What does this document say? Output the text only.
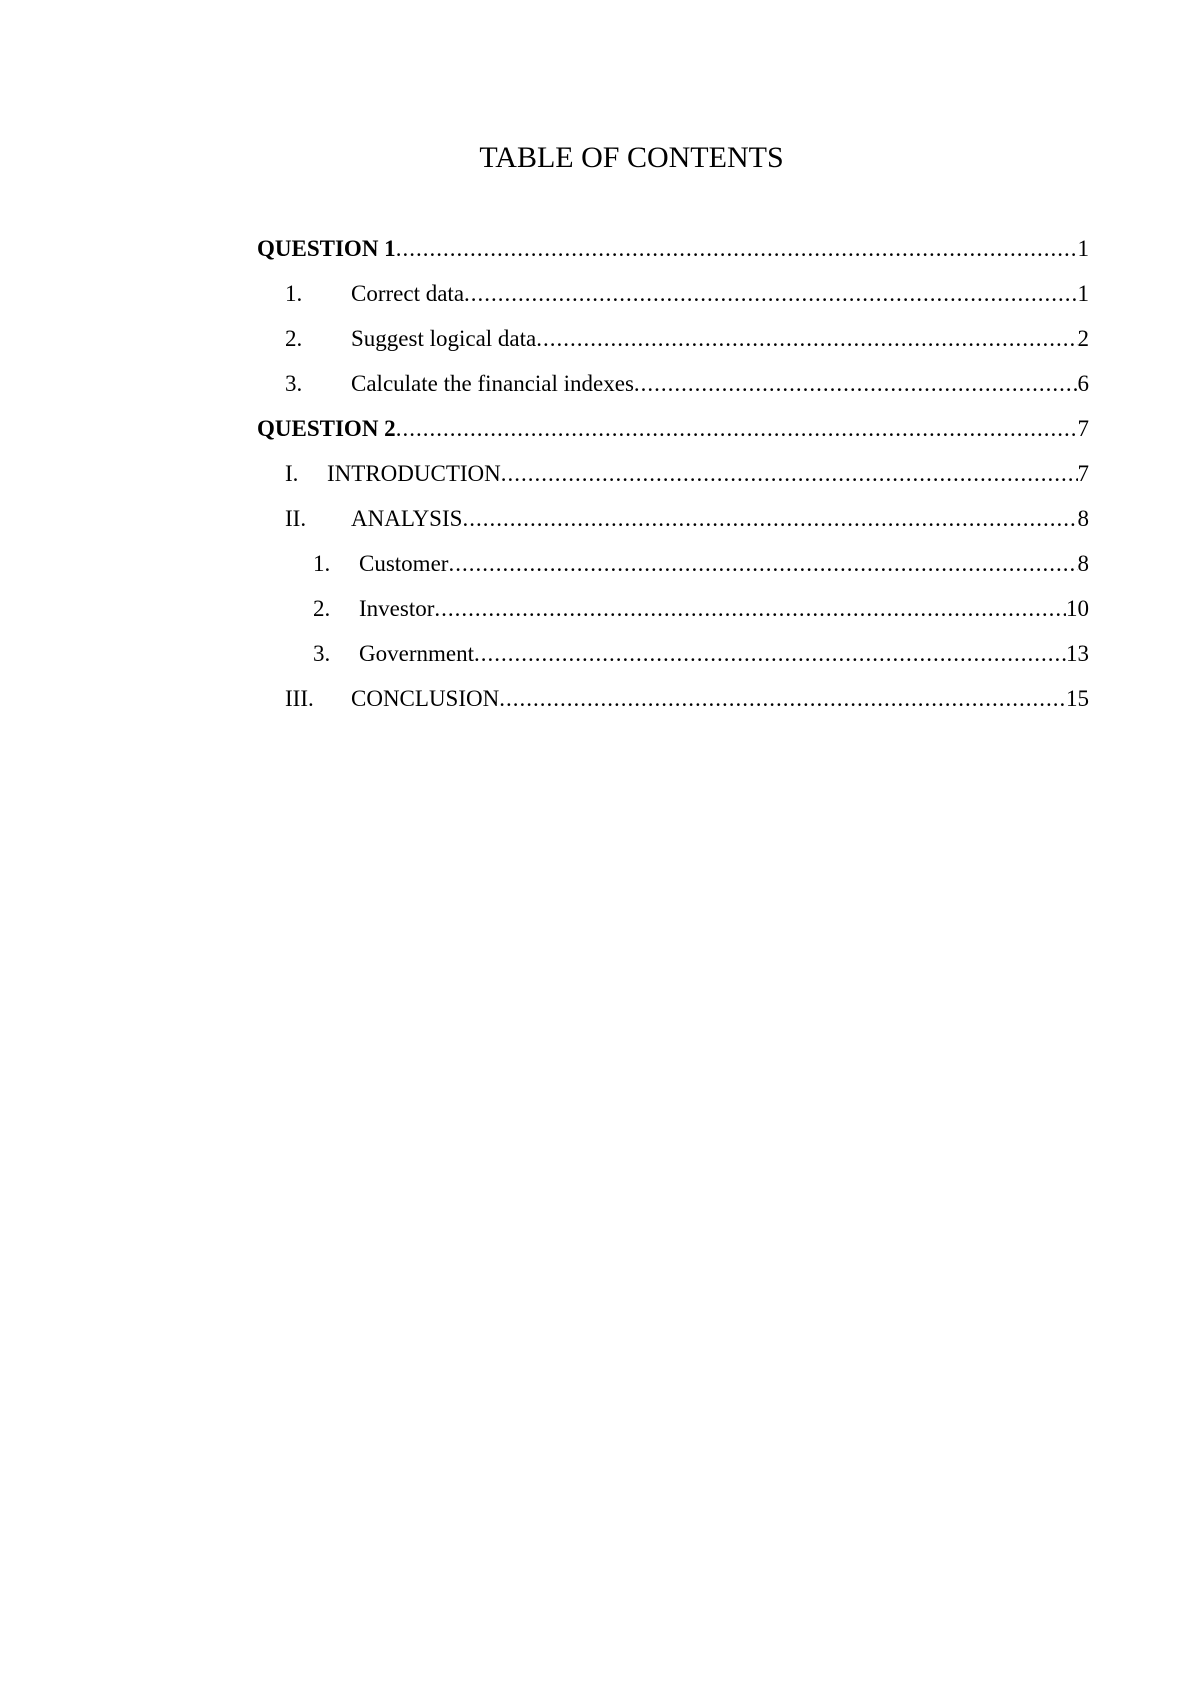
TABLE OF CONTENTS
QUESTION 1 .....	1
1.	Correct data .....	1
2.	Suggest logical data .....	2
3.	Calculate the financial indexes .....	6
QUESTION 2 .....	7
I.	INTRODUCTION .....	7
II.	ANALYSIS .....	8
1.	Customer .....	8
2.	Investor .....	10
3.	Government .....	13
III.	CONCLUSION .....	15
